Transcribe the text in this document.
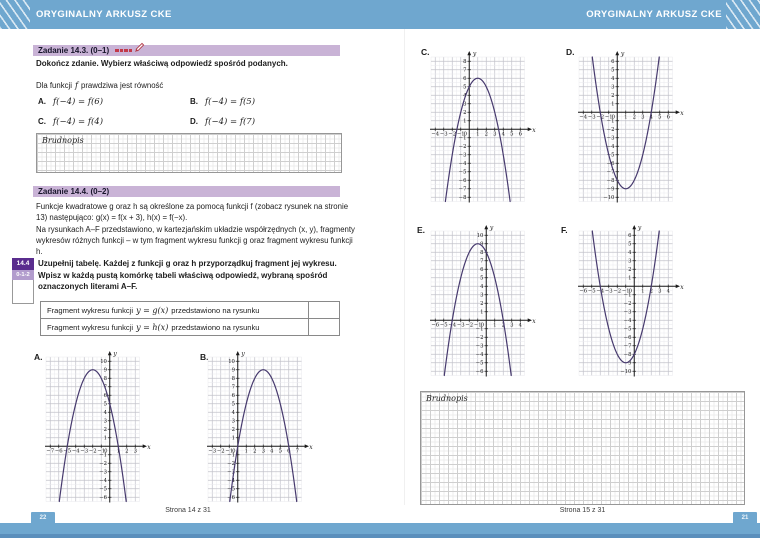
ORYGINALNY ARKUSZ CKE	ORYGINALNY ARKUSZ CKE
Zadanie 14.3. (0–1)

Dokończ zdanie. Wybierz właściwą odpowiedź spośród podanych.

Dla funkcji f prawdziwa jest równość

A. f(−4) = f(6)	B. f(−4) = f(5)
C. f(−4) = f(4)	D. f(−4) = f(7)
Brudnopis
Zadanie 14.4. (0–2)

Funkcje kwadratowe g oraz h są określone za pomocą funkcji f (zobacz rysunek na stronie 13) następująco: g(x) = f(x + 3), h(x) = f(−x).

Na rysunkach A–F przedstawiono, w kartezjańskim układzie współrzędnych (x, y), fragmenty wykresów różnych funkcji – w tym fragment wykresu funkcji g oraz fragment wykresu funkcji h.

14.4
0-1-2

Uzupełnij tabelę. Każdej z funkcji g oraz h przyporządkuj fragment jej wykresu. Wpisz w każdą pustą komórkę tabeli właściwą odpowiedź, wybraną spośród oznaczonych literami A–F.

Fragment wykresu funkcji y = g(x) przedstawiono na rysunku
Fragment wykresu funkcji y = h(x) przedstawiono na rysunku
A.
−7 −6 −5 −4 −3 −2 −1 1 2 3
−6
−5
−4
−3
−2
−1
1
2
3
4
5
6
7
8
9
10
0
x
y	B.
−3 −2 −1 1 2 3 4 5 6 7
−6
−5
−4
−3
−2
−1
1
2
3
4
5
6
7
8
9
10
0
x
y
C.
−4 −3 −2 −1 1 2 3 4 5 6
−8
−7
−6
−5
−4
−3
−2
−1
1
2
3
4
5
6
7
8
0
x
y	D.
−4 −3 −2 −1 1 2 3 4 5 6
−10
−9
−8
−7
−6
−5
−4
−3
−2
−1
1
2
3
4
5
6
0
x
y
E.
−6 −5 −4 −3 −2 −1 1 2 3 4
−6
−5
−4
−3
−2
−1
1
2
3
4
5
6
7
8
9
10
0
x
y	F.
−6 −5 −4 −3 −2 −1 1 2 3 4
−10
−9
−8
−7
−6
−5
−4
−3
−2
−1
1
2
3
4
5
6
0
x
y
Brudnopis
Strona 14 z 31	Strona 15 z 31
22	21
